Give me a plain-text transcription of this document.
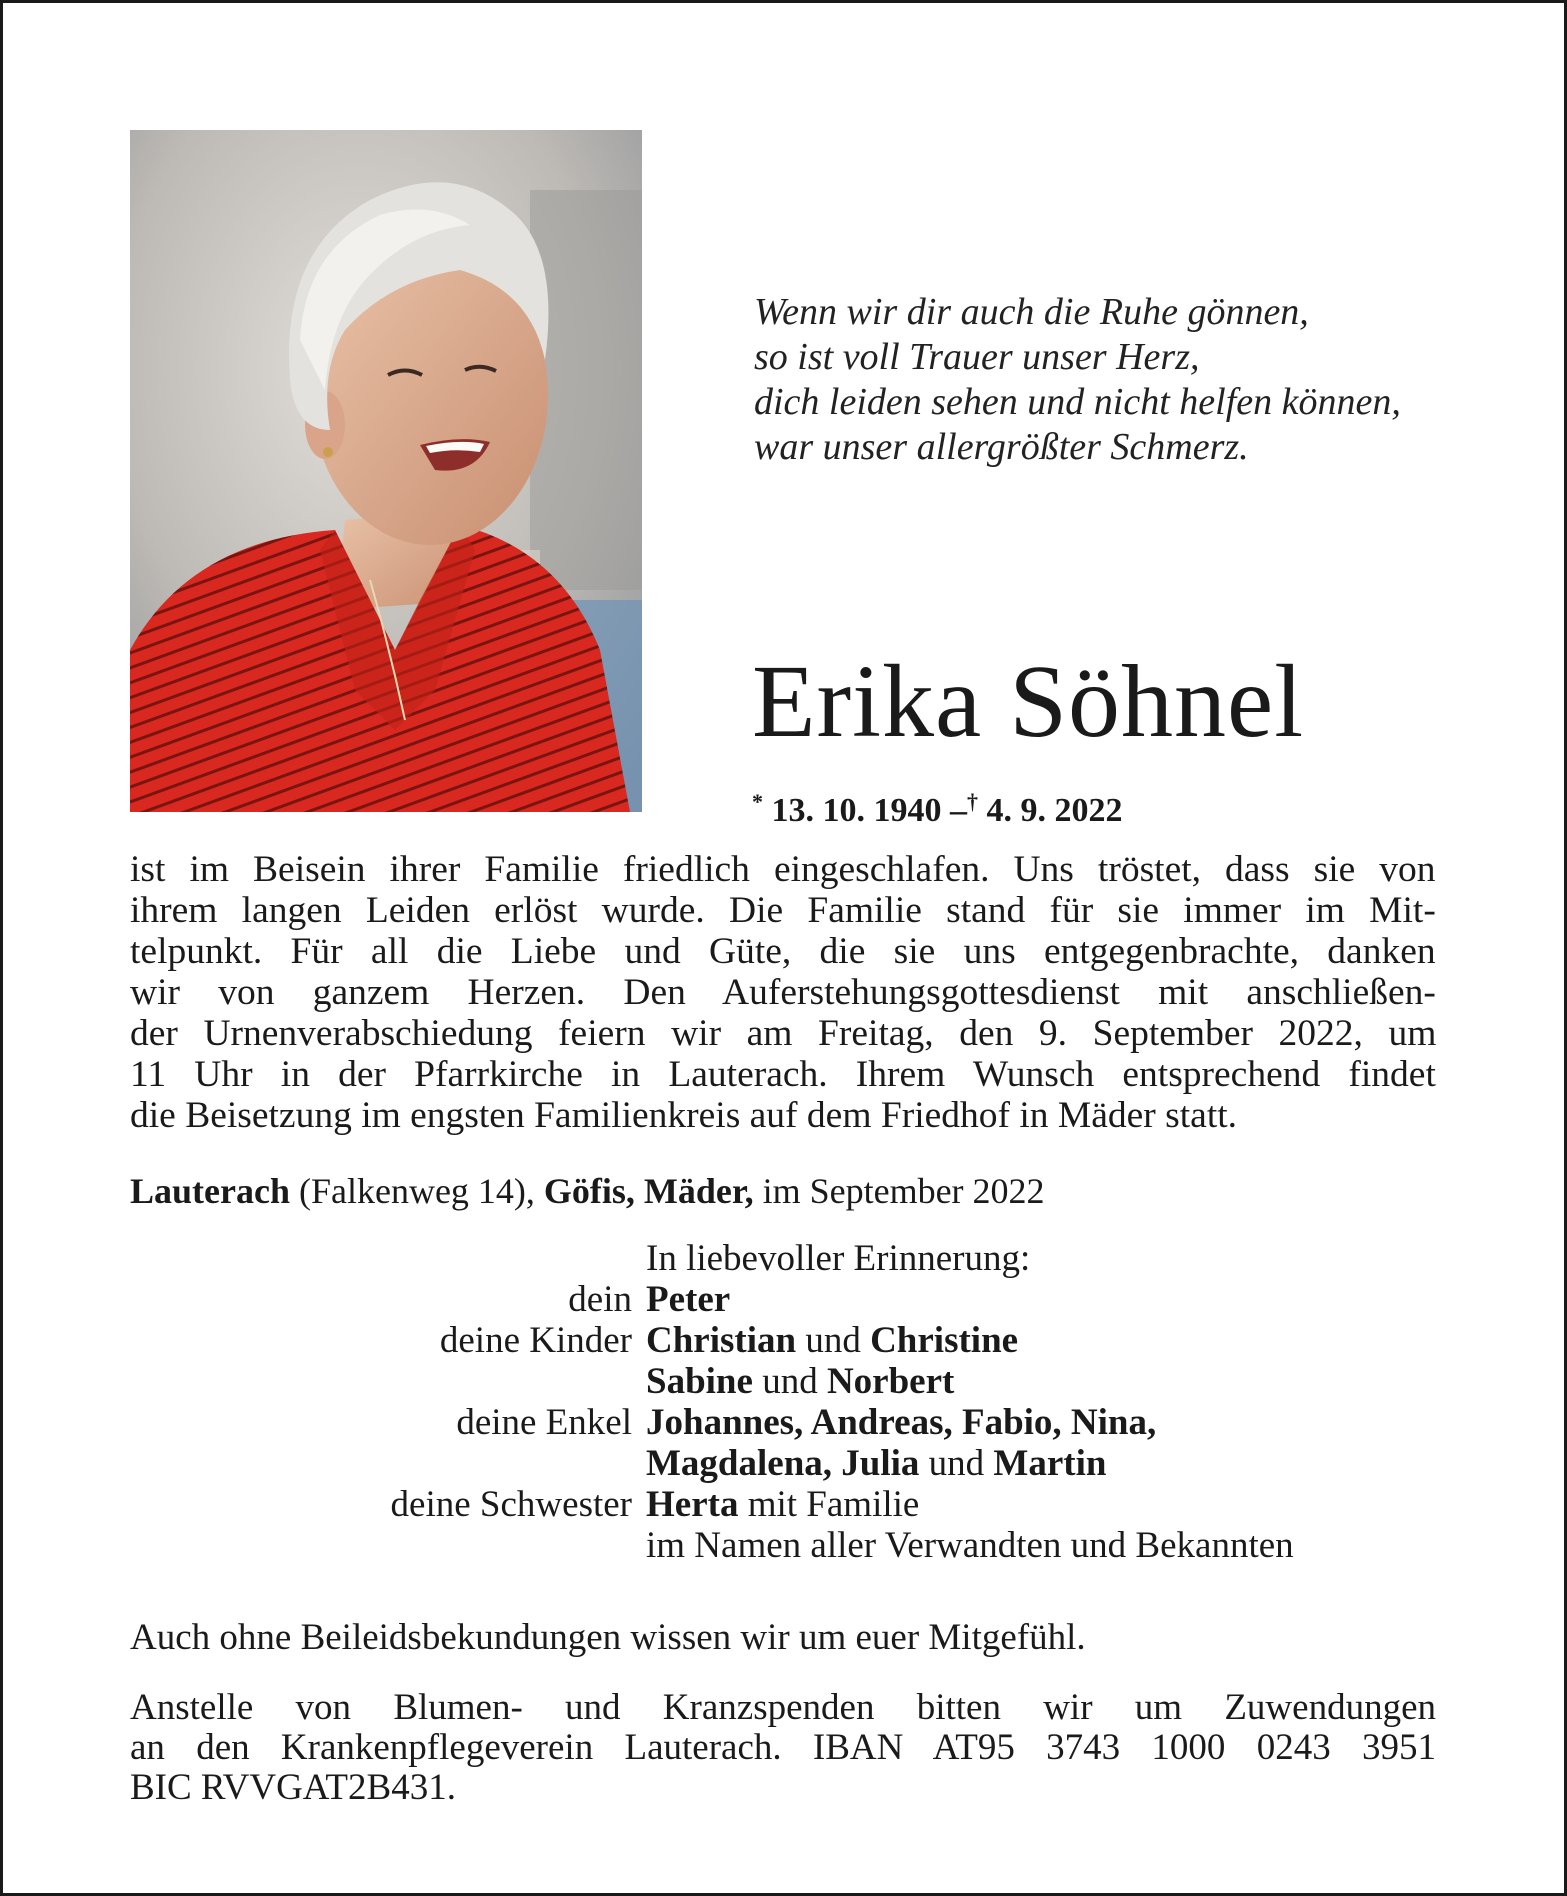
Wenn wir dir auch die Ruhe gönnen,
so ist voll Trauer unser Herz,
dich leiden sehen und nicht helfen können,
war unser allergrößter Schmerz.
Erika Söhnel
* 13. 10. 1940 –† 4. 9. 2022
ist im Beisein ihrer Familie friedlich eingeschlafen. Uns tröstet, dass sie von
ihrem langen Leiden erlöst wurde. Die Familie stand für sie immer im Mit-
telpunkt. Für all die Liebe und Güte, die sie uns entgegenbrachte, danken
wir von ganzem Herzen. Den Auferstehungsgottesdienst mit anschließen-
der Urnenverabschiedung feiern wir am Freitag, den 9. September 2022, um
11 Uhr in der Pfarrkirche in Lauterach. Ihrem Wunsch entsprechend findet
die Beisetzung im engsten Familienkreis auf dem Friedhof in Mäder statt.
Lauterach (Falkenweg 14), Göfis, Mäder, im September 2022
In liebevoller Erinnerung:
dein Peter
deine Kinder Christian und Christine
Sabine und Norbert
deine Enkel Johannes, Andreas, Fabio, Nina,
Magdalena, Julia und Martin
deine Schwester Herta mit Familie
im Namen aller Verwandten und Bekannten
Auch ohne Beileidsbekundungen wissen wir um euer Mitgefühl.
Anstelle von Blumen- und Kranzspenden bitten wir um Zuwendungen
an den Krankenpflegeverein Lauterach. IBAN AT95 3743 1000 0243 3951
BIC RVVGAT2B431.
